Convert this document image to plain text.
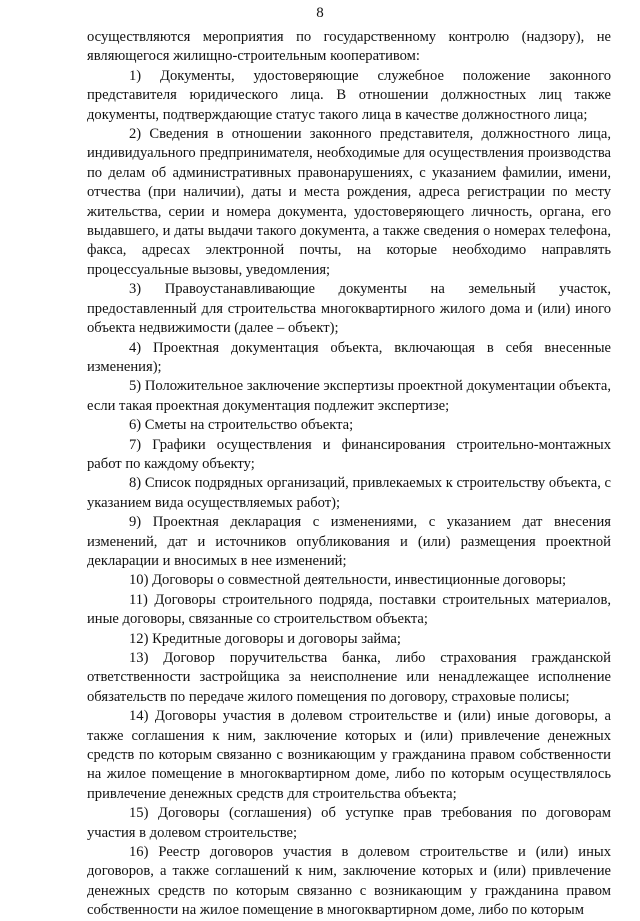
8

осуществляются мероприятия по государственному контролю (надзору), не являющегося жилищно-строительным кооперативом:

1) Документы, удостоверяющие служебное положение законного представителя юридического лица. В отношении должностных лиц также документы, подтверждающие статус такого лица в качестве должностного лица;

2) Сведения в отношении законного представителя, должностного лица, индивидуального предпринимателя, необходимые для осуществления производства по делам об административных правонарушениях, с указанием фамилии, имени, отчества (при наличии), даты и места рождения, адреса регистрации по месту жительства, серии и номера документа, удостоверяющего личность, органа, его выдавшего, и даты выдачи такого документа, а также сведения о номерах телефона, факса, адресах электронной почты, на которые необходимо направлять процессуальные вызовы, уведомления;

3) Правоустанавливающие документы на земельный участок, предоставленный для строительства многоквартирного жилого дома и (или) иного объекта недвижимости (далее – объект);

4) Проектная документация объекта, включающая в себя внесенные изменения);

5) Положительное заключение экспертизы проектной документации объекта, если такая проектная документация подлежит экспертизе;

6) Сметы на строительство объекта;

7) Графики осуществления и финансирования строительно-монтажных работ по каждому объекту;

8) Список подрядных организаций, привлекаемых к строительству объекта, с указанием вида осуществляемых работ);

9) Проектная декларация с изменениями, с указанием дат внесения изменений, дат и источников опубликования и (или) размещения проектной декларации и вносимых в нее изменений;

10) Договоры о совместной деятельности, инвестиционные договоры;

11) Договоры строительного подряда, поставки строительных материалов, иные договоры, связанные со строительством объекта;

12) Кредитные договоры и договоры займа;

13) Договор поручительства банка, либо страхования гражданской ответственности застройщика за неисполнение или ненадлежащее исполнение обязательств по передаче жилого помещения по договору, страховые полисы;

14) Договоры участия в долевом строительстве и (или) иные договоры, а также соглашения к ним, заключение которых и (или) привлечение денежных средств по которым связанно с возникающим у гражданина правом собственности на жилое помещение в многоквартирном доме, либо по которым осуществлялось привлечение денежных средств для строительства объекта;

15) Договоры (соглашения) об уступке прав требования по договорам участия в долевом строительстве;

16) Реестр договоров участия в долевом строительстве и (или) иных договоров, а также соглашений к ним, заключение которых и (или) привлечение денежных средств по которым связанно с возникающим у гражданина правом собственности на жилое помещение в многоквартирном доме, либо по которым
